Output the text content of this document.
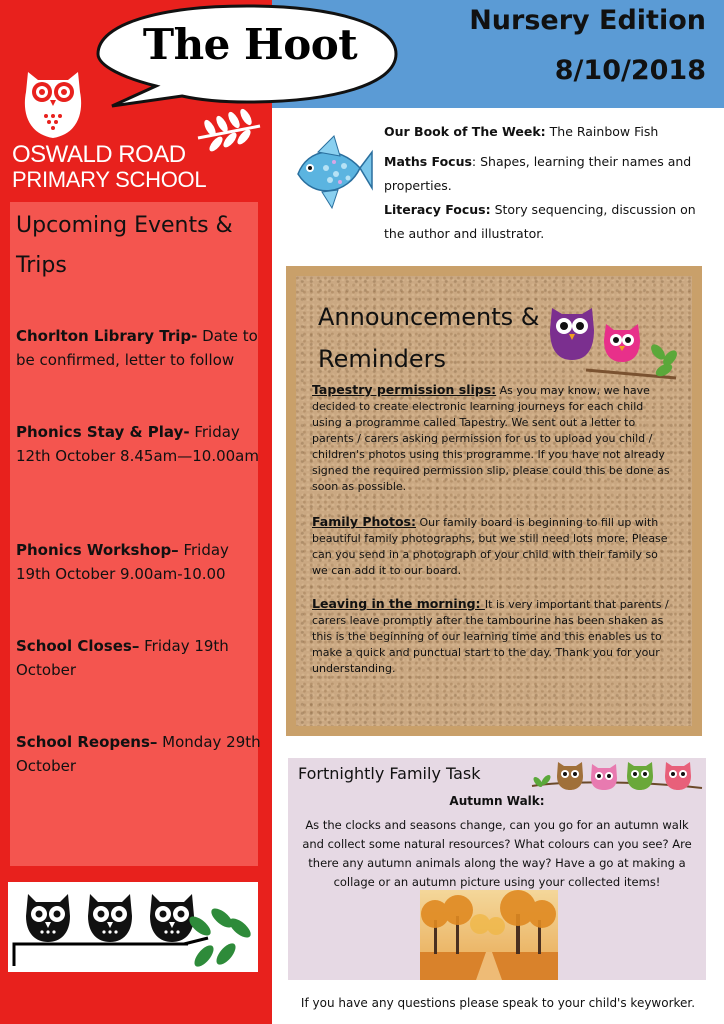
Nursery Edition
8/10/2018
The Hoot
OSWALD ROAD
PRIMARY SCHOOL
Upcoming Events & Trips
Chorlton Library Trip- Date to be confirmed, letter to follow
Phonics Stay & Play- Friday 12th October 8.45am—10.00am
Phonics Workshop– Friday 19th October 9.00am-10.00
School Closes– Friday 19th October
School Reopens– Monday 29th October
Our Book of The Week: The Rainbow Fish
Maths Focus: Shapes, learning their names and properties.
Literacy Focus: Story sequencing, discussion on the author and illustrator.
Announcements & Reminders
Tapestry permission slips: As you may know, we have decided to create electronic learning journeys for each child using a programme called Tapestry. We sent out a letter to parents / carers asking permission for us to upload you child / children's photos using this programme. If you have not already signed the required permission slip, please could this be done as soon as possible.
Family Photos: Our family board is beginning to fill up with beautiful family photographs, but we still need lots more. Please can you send in a photograph of your child with their family so we can add it to our board.
Leaving in the morning: It is very important that parents / carers leave promptly after the tambourine has been shaken as this is the beginning of our learning time and this enables us to make a quick and punctual start to the day. Thank you for your understanding.
Fortnightly Family Task
Autumn Walk:
As the clocks and seasons change, can you go for an autumn walk and collect some natural resources? What colours can you see? Are there any autumn animals along the way? Have a go at making a collage or an autumn picture using your collected items!
If you have any questions please speak to your child's keyworker.
